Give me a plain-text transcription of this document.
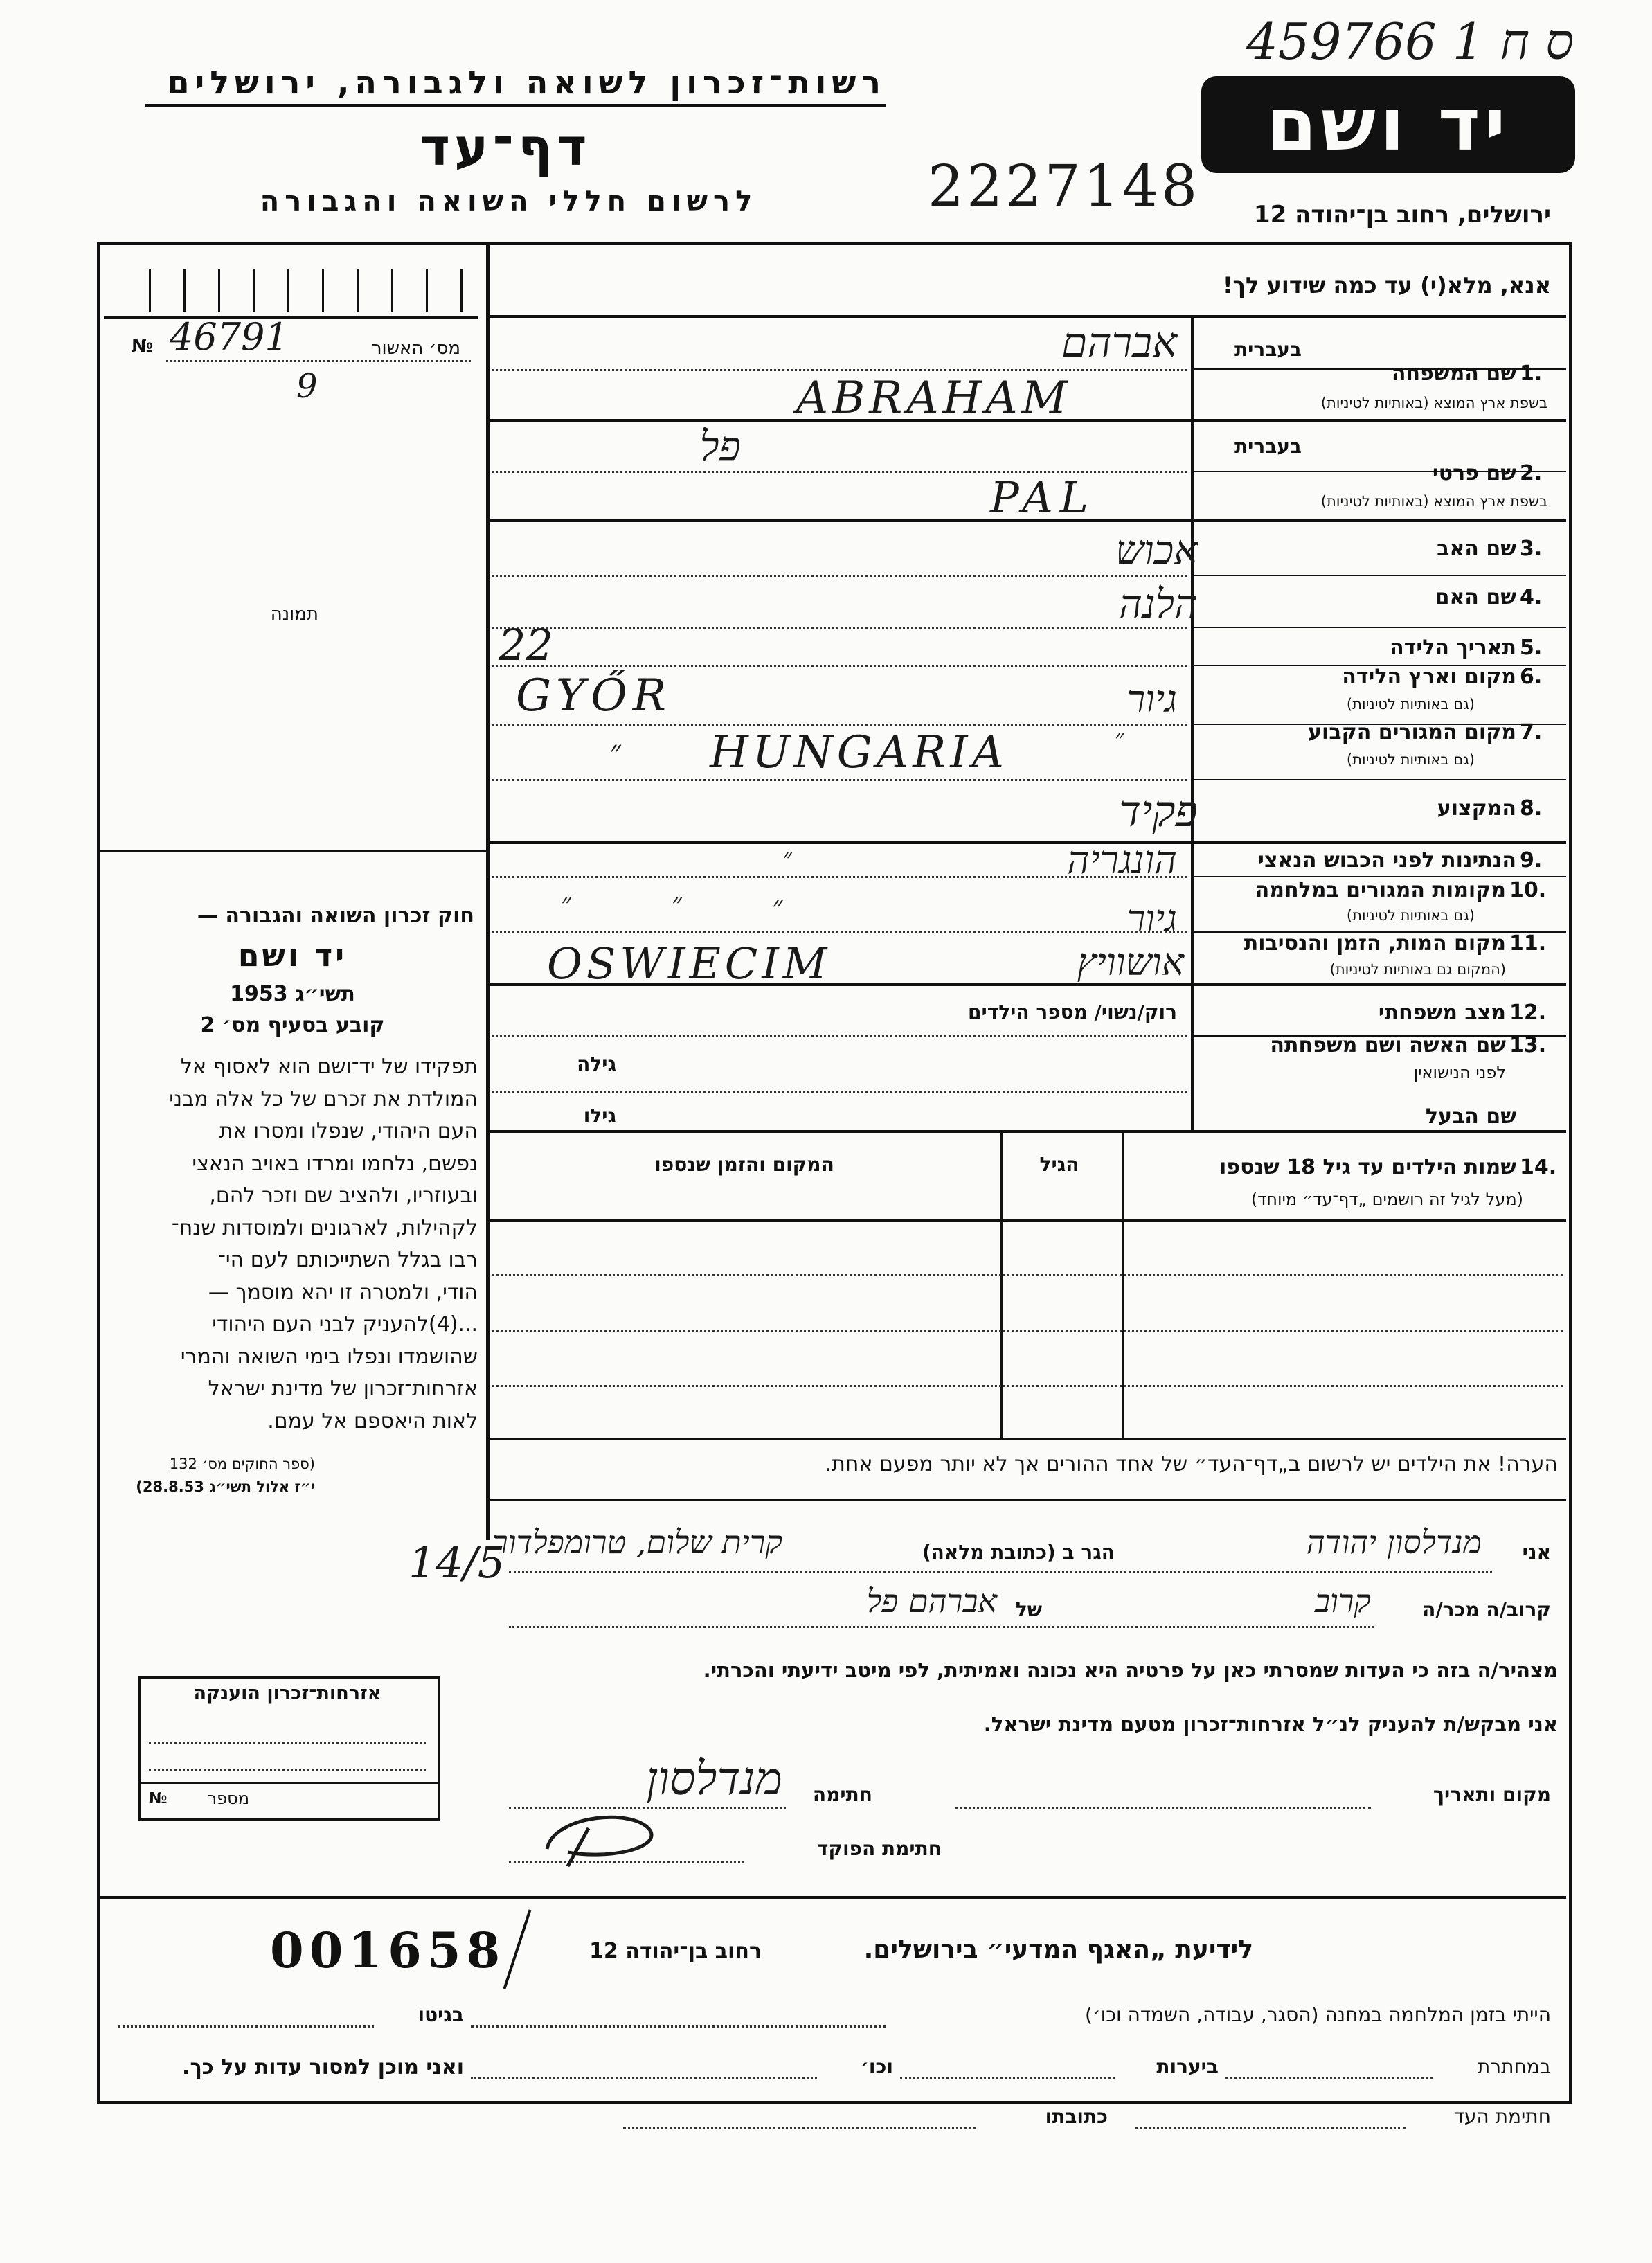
459766 1 ס ח
רשות־זכרון לשואה ולגבורה, ירושלים
דף־עד
לרשום חללי השואה והגבורה	2227148
יד ושם
ירושלים, רחוב בן־יהודה 12
אנא, מלא(י) עד כמה שידוע לך!
№ 46791	מס׳ האשור
9
תמונה
חוק זכרון השואה והגבורה —
יד ושם
תשי״ג 1953
קובע בסעיף מס׳ 2
תפקידו של יד־ושם הוא לאסוף אל
המולדת את זכרם של כל אלה מבני
העם היהודי, שנפלו ומסרו את
נפשם, נלחמו ומרדו באויב הנאצי
ובעוזריו, ולהציב שם וזכר להם,
לקהילות, לארגונים ולמוסדות שנח־
רבו בגלל השתייכותם לעם הי־
הודי, ולמטרה זו יהא מוסמך —
...(4)להעניק לבני העם היהודי
שהושמדו ונפלו בימי השואה והמרי
אזרחות־זכרון של מדינת ישראל
לאות היאספם אל עמם.
(ספר החוקים מס׳ 132
י״ז אלול תשי״ג 28.8.53)
אזרחות־זכרון הוענקה
№	מספר
בעברית
1.
שם המשפחה
בשפת ארץ המוצא (באותיות לטיניות)
אברהם
ABRAHAM
בעברית
2.
שם פרטי
בשפת ארץ המוצא (באותיות לטיניות)
פל
PAL
3.
שם האב
אכוש
4.
שם האם
הלנה
5.
תאריך הלידה
22
6.
מקום וארץ הלידה
(גם באותיות לטיניות)
GYŐR	גיור
7.
מקום המגורים הקבוע
(גם באותיות לטיניות)
HUNGARIA
״	״
8.
המקצוע
פקיד
9.
הנתינות לפני הכבוש הנאצי
הונגריה
״
10.
מקומות המגורים במלחמה
(גם באותיות לטיניות)
גיור
״	״	״
11.
מקום המות, הזמן והנסיבות
(המקום גם באותיות לטיניות)
OSWIECIM	אושוויץ
12.
מצב משפחתי
רוק/נשוי/ מספר הילדים
13.
שם האשה ושם משפחתה
לפני הנישואין
גילה
שם הבעל
גילו
14.
שמות הילדים עד גיל 18 שנספו
(מעל לגיל זה רושמים „דף־עד״ מיוחד)
הגיל
המקום והזמן שנספו
הערה! את הילדים יש לרשום ב„דף־העד״ של אחד ההורים אך לא יותר מפעם אחת.
14/5	אני
מנדלסון יהודה
הגר ב (כתובת מלאה)
קרית שלום, טרומפלדור
קרוב/ה מכר/ה
קרוב
של
אברהם פל
מצהיר/ה בזה כי העדות שמסרתי כאן על פרטיה היא נכונה ואמיתית, לפי מיטב ידיעתי והכרתי.
אני מבקש/ת להעניק לנ״ל אזרחות־זכרון מטעם מדינת ישראל.
מקום ותאריך
חתימה
מנדלסון
חתימת הפוקד
001658	רחוב בן־יהודה 12	לידיעת „האגף המדעי״ בירושלים.
הייתי בזמן המלחמה במחנה (הסגר, עבודה, השמדה וכו׳)
בגיטו
במחתרת
ביערות
וכו׳
ואני מוכן למסור עדות על כך.
חתימת העד
כתובתו
